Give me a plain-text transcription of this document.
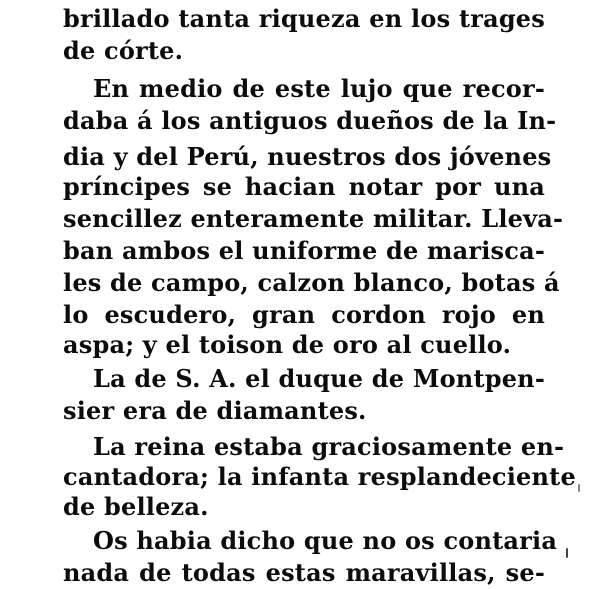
brillado tanta riqueza en los trages
de córte.
En medio de este lujo que recor-
daba á los antiguos dueños de la In-
dia y del Perú, nuestros dos jóvenes
príncipes se hacian notar por una
sencillez enteramente militar. Lleva-
ban ambos el uniforme de mariscа-
les de campo, calzon blanco, botas á
lo escudero, gran cordon rojo en
aspa; y el toison de oro al cuello.
La de S. A. el duque de Montpen-
sier era de diamantes.
La reina estaba graciosamente en-
cantadora; la infanta resplandeciente
de belleza.
Os habia dicho que no os contaria
nada de todas estas maravillas, se-
